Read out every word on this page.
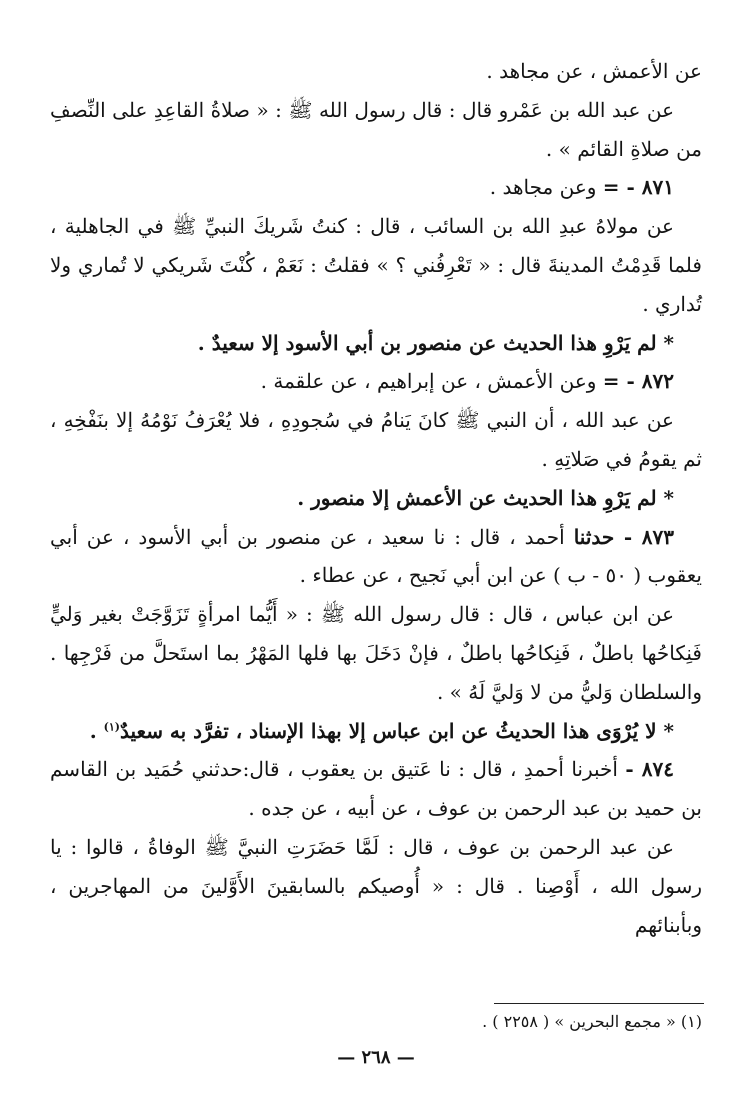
عن الأعمش ، عن مجاهد .

عن عبد الله بن عَمْرو قال : قال رسول الله ﷺ : « صلاةُ القاعِدِ على النِّصفِ من صلاةِ القائم » .

٨٧١ - = وعن مجاهد .

عن مولاهُ عبدِ الله بن السائب ، قال : كنتُ شَريكَ النبيِّ ﷺ في الجاهلية ، فلما قَدِمْتُ المدينةَ قال : « تَعْرِفُني ؟ » فقلتُ : نَعَمْ ، كُنْتَ شَريكي لا تُماري ولا تُداري .

* لم يَرْوِ هذا الحديث عن منصور بن أبي الأسود إلا سعيدٌ .

٨٧٢ - = وعن الأعمش ، عن إبراهيم ، عن علقمة .

عن عبد الله ، أن النبي ﷺ كانَ يَنامُ في سُجودِهِ ، فلا يُعْرَفُ نَوْمُهُ إلا بنَفْخِهِ ، ثم يقومُ في صَلاتِهِ .

* لم يَرْوِ هذا الحديث عن الأعمش إلا منصور .

٨٧٣ - حدثنا أحمد ، قال : نا سعيد ، عن منصور بن أبي الأسود ، عن أبي يعقوب ( ٥٠ - ب ) عن ابن أبي نَجيح ، عن عطاء .

عن ابن عباس ، قال : قال رسول الله ﷺ : « أَيُّما امرأةٍ تَزَوَّجَتْ بغير وَليٍّ فَنِكاحُها باطلٌ ، فَنِكاحُها باطلٌ ، فإنْ دَخَلَ بها فلها المَهْرُ بما استَحلَّ من فَرْجِها . والسلطان وَليُّ من لا وَليَّ لَهُ » .

* لا يُرْوَى هذا الحديثُ عن ابن عباس إلا بهذا الإسناد ، تفرَّد به سعيدٌ$^{(١)}$ .

٨٧٤ - أخبرنا أحمدِ ، قال : نا عَتيق بن يعقوب ، قال:حدثني حُمَيد بن القاسم بن حميد بن عبد الرحمن بن عوف ، عن أبيه ، عن جده .

عن عبد الرحمن بن عوف ، قال : لَمَّا حَضَرَتِ النبيَّ ﷺ الوفاةُ ، قالوا : يا رسول الله ، أَوْصِنا . قال : « أُوصيكم بالسابقينَ الأَوَّلينَ من المهاجرين ، وبأبنائهم

(١) « مجمع البحرين » ( ٢٢٥٨ ) .
— ٢٦٨ —
